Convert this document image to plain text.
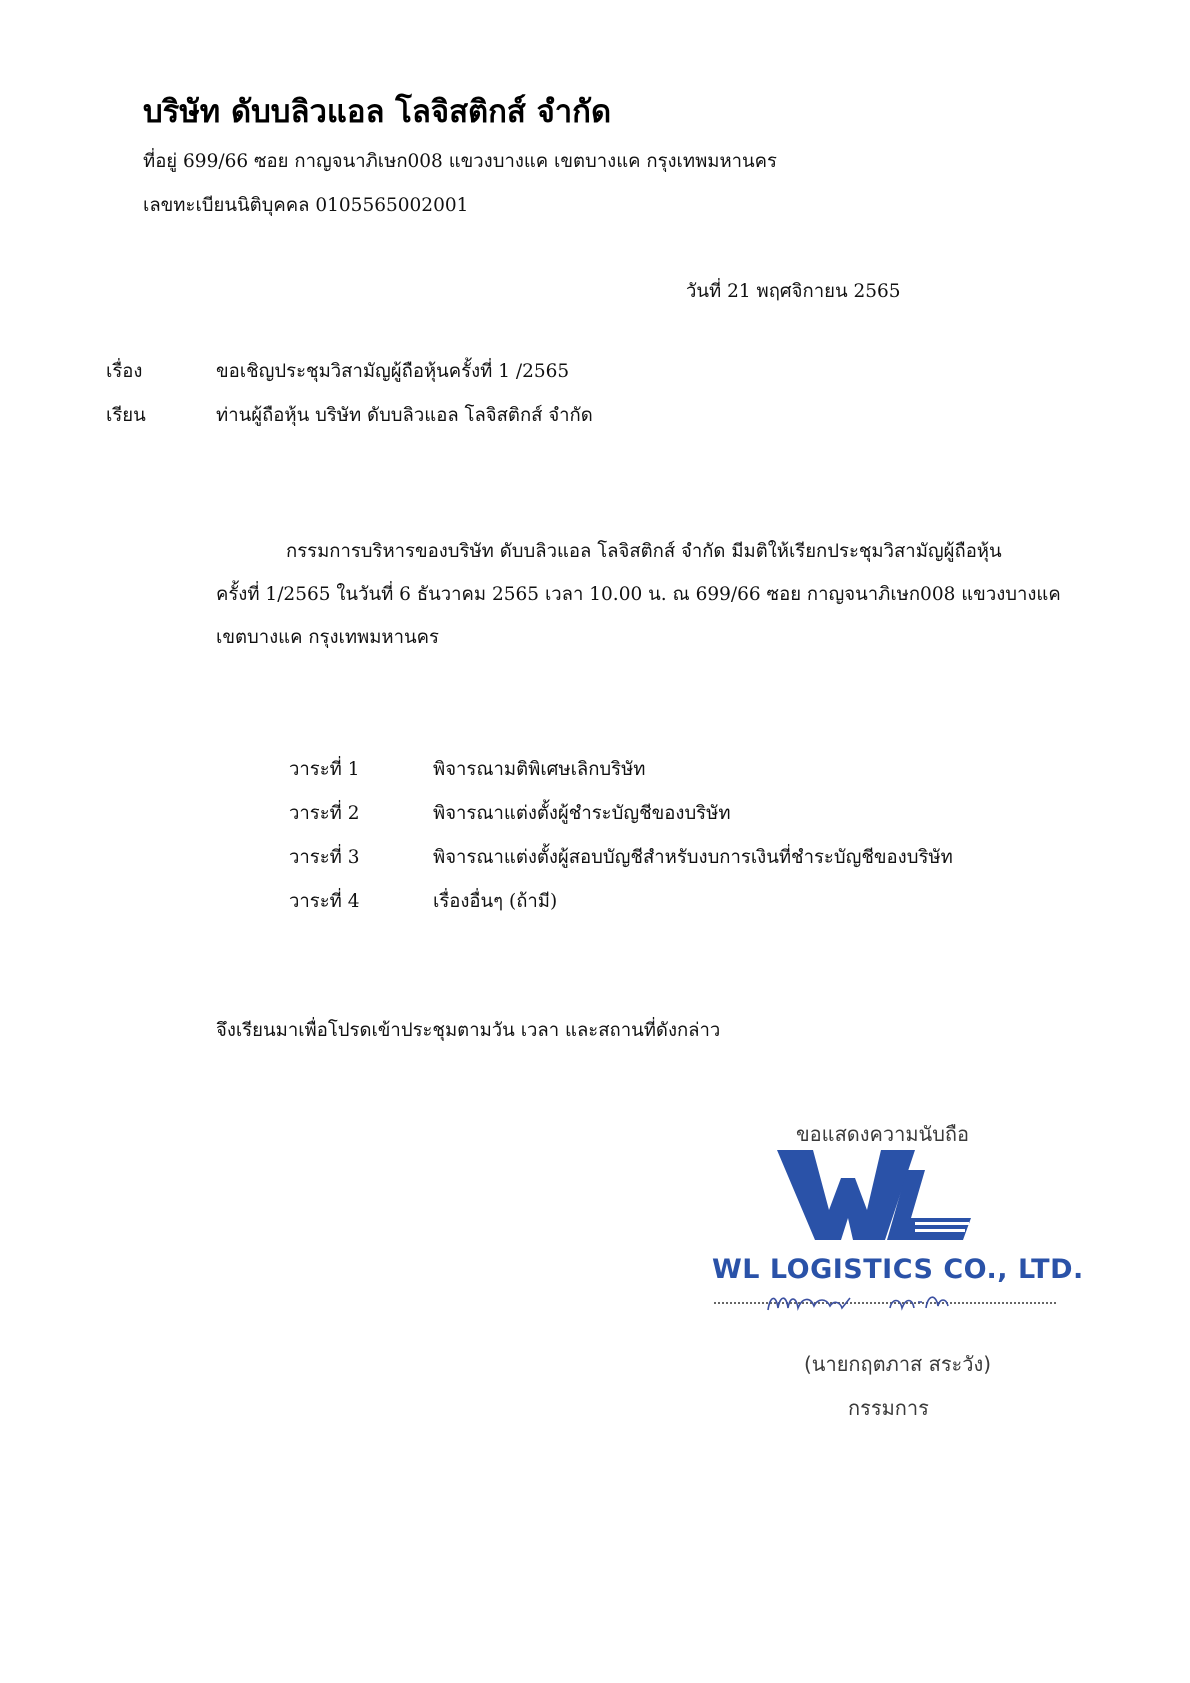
บริษัท ดับบลิวแอล โลจิสติกส์ จำกัด
ที่อยู่ 699/66 ซอย กาญจนาภิเษก008 แขวงบางแค เขตบางแค กรุงเทพมหานคร
เลขทะเบียนนิติบุคคล 0105565002001
วันที่ 21 พฤศจิกายน 2565
เรื่อง	ขอเชิญประชุมวิสามัญผู้ถือหุ้นครั้งที่ 1 /2565
เรียน	ท่านผู้ถือหุ้น บริษัท ดับบลิวแอล โลจิสติกส์ จำกัด

กรรมการบริหารของบริษัท ดับบลิวแอล โลจิสติกส์ จำกัด มีมติให้เรียกประชุมวิสามัญผู้ถือหุ้น

ครั้งที่ 1/2565 ในวันที่ 6 ธันวาคม 2565 เวลา 10.00 น. ณ 699/66 ซอย กาญจนาภิเษก008 แขวงบางแค

เขตบางแค กรุงเทพมหานคร

วาระที่ 1	พิจารณามติพิเศษเลิกบริษัท
วาระที่ 2	พิจารณาแต่งตั้งผู้ชำระบัญชีของบริษัท
วาระที่ 3	พิจารณาแต่งตั้งผู้สอบบัญชีสำหรับงบการเงินที่ชำระบัญชีของบริษัท
วาระที่ 4	เรื่องอื่นๆ (ถ้ามี)
จึงเรียนมาเพื่อโปรดเข้าประชุมตามวัน เวลา และสถานที่ดังกล่าว
ขอแสดงความนับถือ
WL LOGISTICS CO., LTD.
(นายกฤตภาส สระวัง)
กรรมการ
